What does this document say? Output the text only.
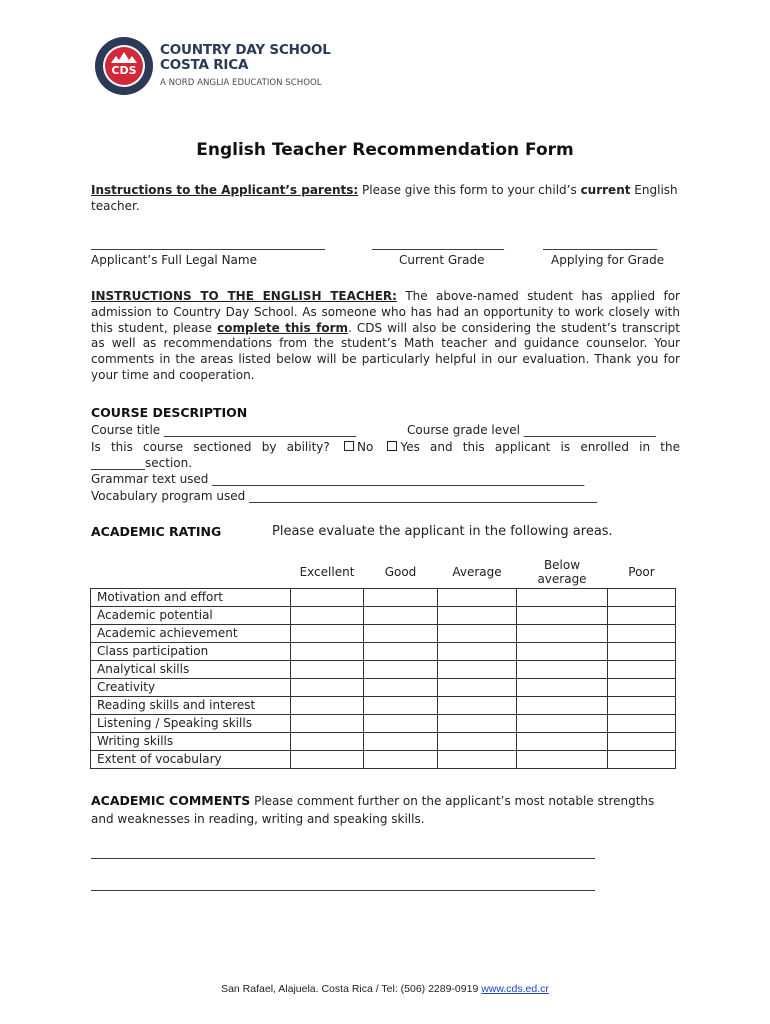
CDS
COUNTRY DAY SCHOOL
COSTA RICA
A NORD ANGLIA EDUCATION SCHOOL
English Teacher Recommendation Form
Instructions to the Applicant’s parents: Please give this form to your child’s current English teacher.
_______________________________________	______________________	___________________
Applicant’s Full Legal Name	Current Grade	Applying for Grade
INSTRUCTIONS TO THE ENGLISH TEACHER: The above-named student has applied for admission to Country Day School. As someone who has had an opportunity to work closely with this student, please complete this form. CDS will also be considering the student’s transcript as well as recommendations from the student’s Math teacher and guidance counselor. Your comments in the areas listed below will be particularly helpful in our evaluation. Thank you for your time and cooperation.
COURSE DESCRIPTION
Course title ________________________________	Course grade level ______________________
Is this course sectioned by ability? No Yes and this applicant is enrolled in the _________section.
Grammar text used ______________________________________________________________
Vocabulary program used __________________________________________________________
ACADEMIC RATING	Please evaluate the applicant in the following areas.
	Excellent	Good	Average	Below
average	Poor
Motivation and effort					
Academic potential					
Academic achievement					
Class participation					
Analytical skills					
Creativity					
Reading skills and interest					
Listening / Speaking skills					
Writing skills					
Extent of vocabulary					
ACADEMIC COMMENTS Please comment further on the applicant’s most notable strengths and weaknesses in reading, writing and speaking skills.
____________________________________________________________________________________
____________________________________________________________________________________
San Rafael, Alajuela. Costa Rica / Tel: (506) 2289-0919 www.cds.ed.cr
